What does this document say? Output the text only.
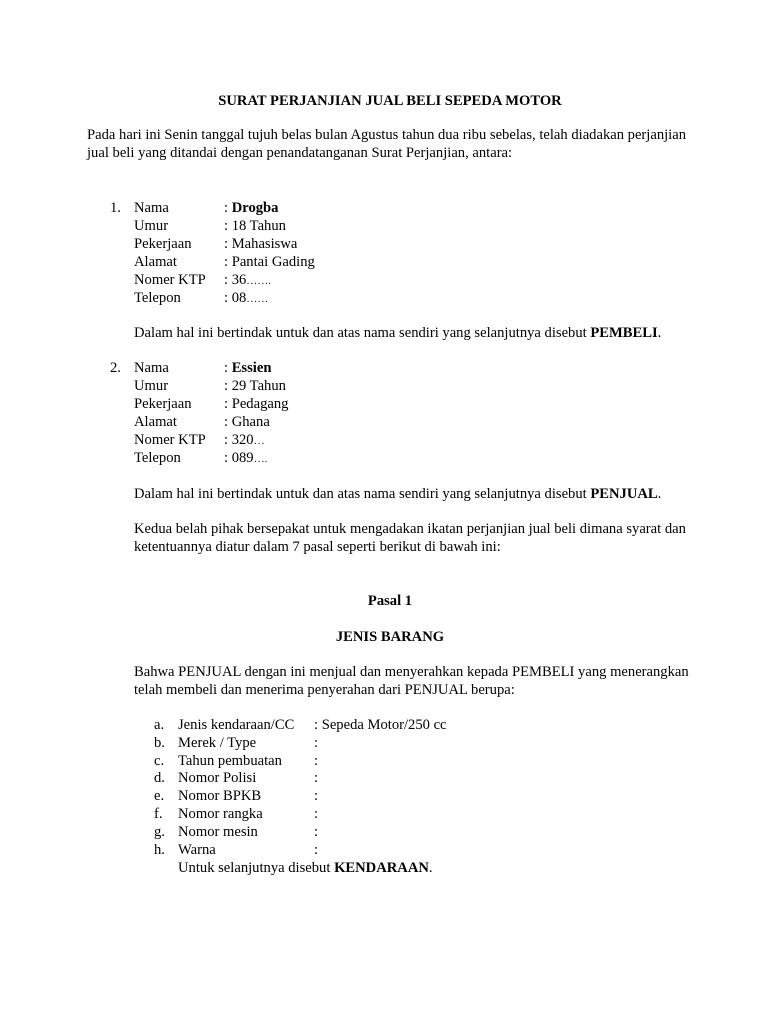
SURAT PERJANJIAN JUAL BELI SEPEDA MOTOR
Pada hari ini Senin tanggal tujuh belas bulan Agustus tahun dua ribu sebelas, telah diadakan perjanjian jual beli yang ditandai dengan penandatanganan Surat Perjanjian, antara:
1. Nama	: Drogba
Umur	: 18 Tahun
Pekerjaan : Mahasiswa
Alamat	: Pantai Gading
Nomer KTP : 36…….
Telepon	: 08……
Dalam hal ini bertindak untuk dan atas nama sendiri yang selanjutnya disebut PEMBELI.
2. Nama	: Essien
Umur	: 29 Tahun
Pekerjaan : Pedagang
Alamat	: Ghana
Nomer KTP : 320…
Telepon	: 089….
Dalam hal ini bertindak untuk dan atas nama sendiri yang selanjutnya disebut PENJUAL.
Kedua belah pihak bersepakat untuk mengadakan ikatan perjanjian jual beli dimana syarat dan ketentuannya diatur dalam 7 pasal seperti berikut di bawah ini:
Pasal 1
JENIS BARANG
Bahwa PENJUAL dengan ini menjual dan menyerahkan kepada PEMBELI yang menerangkan telah membeli dan menerima penyerahan dari PENJUAL berupa:
a. Jenis kendaraan/CC : Sepeda Motor/250 cc
b. Merek / Type	:
c. Tahun pembuatan :
d. Nomor Polisi	:
e. Nomor BPKB	:
f. Nomor rangka	:
g. Nomor mesin	:
h. Warna	:
Untuk selanjutnya disebut KENDARAAN.
